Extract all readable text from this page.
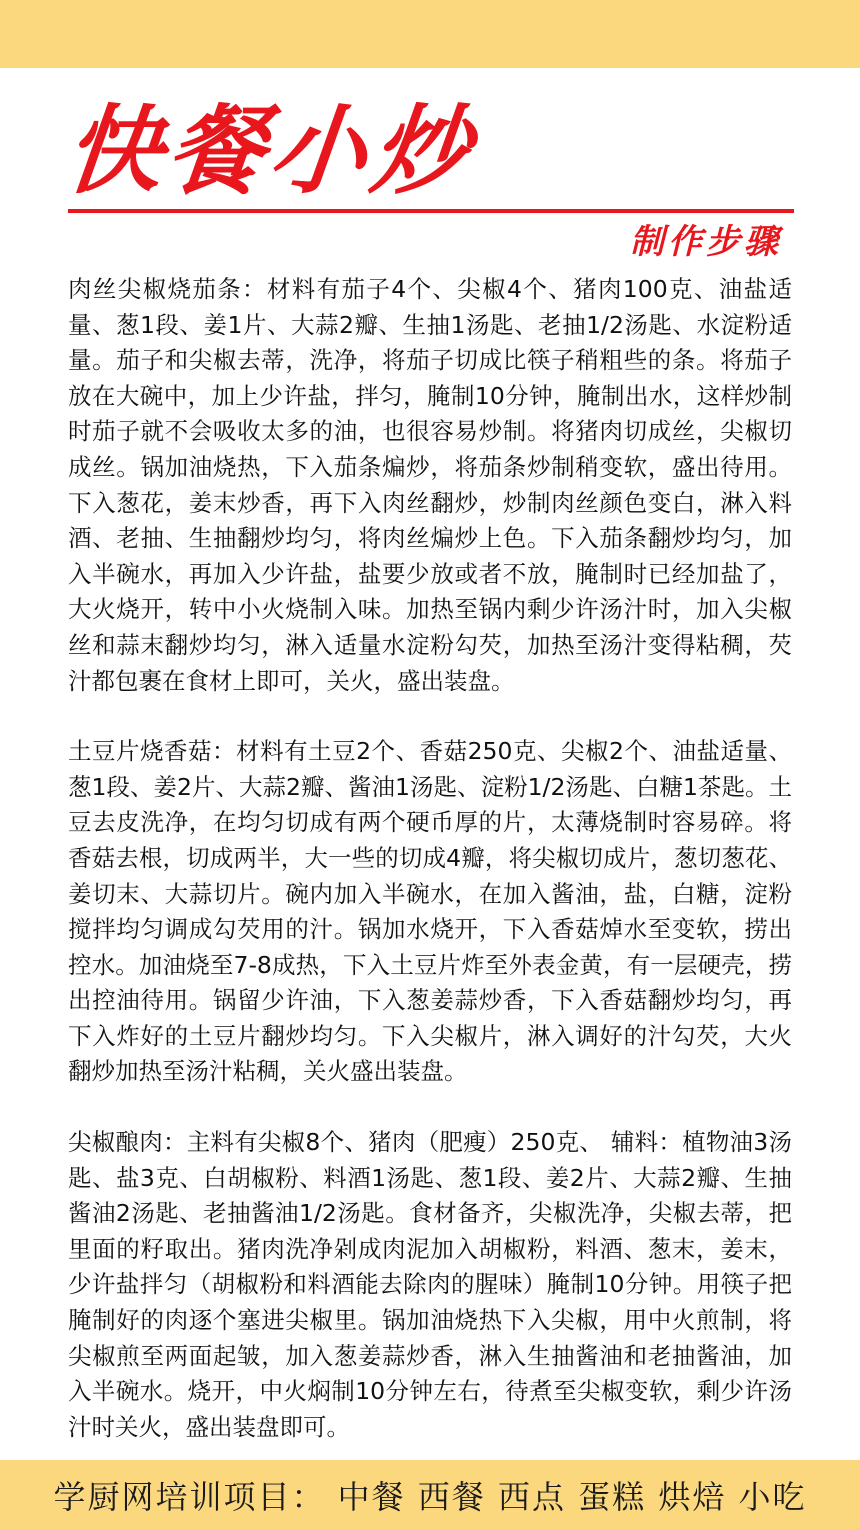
快餐小炒
制作步骤

肉丝尖椒烧茄条：材料有茄子4个、尖椒4个、猪肉100克、油盐适量、葱1段、姜1片、大蒜2瓣、生抽1汤匙、老抽1/2汤匙、水淀粉适量。茄子和尖椒去蒂，洗净，将茄子切成比筷子稍粗些的条。将茄子放在大碗中，加上少许盐，拌匀，腌制10分钟，腌制出水，这样炒制时茄子就不会吸收太多的油，也很容易炒制。将猪肉切成丝，尖椒切成丝。锅加油烧热，下入茄条煸炒，将茄条炒制稍变软，盛出待用。下入葱花，姜末炒香，再下入肉丝翻炒，炒制肉丝颜色变白，淋入料酒、老抽、生抽翻炒均匀，将肉丝煸炒上色。下入茄条翻炒均匀，加入半碗水，再加入少许盐，盐要少放或者不放，腌制时已经加盐了，大火烧开，转中小火烧制入味。加热至锅内剩少许汤汁时，加入尖椒丝和蒜末翻炒均匀，淋入适量水淀粉勾芡，加热至汤汁变得粘稠，芡汁都包裹在食材上即可，关火，盛出装盘。

土豆片烧香菇：材料有土豆2个、香菇250克、尖椒2个、油盐适量、葱1段、姜2片、大蒜2瓣、酱油1汤匙、淀粉1/2汤匙、白糖1茶匙。土豆去皮洗净，在均匀切成有两个硬币厚的片，太薄烧制时容易碎。将香菇去根，切成两半，大一些的切成4瓣，将尖椒切成片，葱切葱花、姜切末、大蒜切片。碗内加入半碗水，在加入酱油，盐，白糖，淀粉搅拌均匀调成勾芡用的汁。锅加水烧开，下入香菇焯水至变软，捞出控水。加油烧至7-8成热，下入土豆片炸至外表金黄，有一层硬壳，捞出控油待用。锅留少许油，下入葱姜蒜炒香，下入香菇翻炒均匀，再下入炸好的土豆片翻炒均匀。下入尖椒片，淋入调好的汁勾芡，大火翻炒加热至汤汁粘稠，关火盛出装盘。

尖椒酿肉：主料有尖椒8个、猪肉（肥瘦）250克、 辅料：植物油3汤匙、盐3克、白胡椒粉、料酒1汤匙、葱1段、姜2片、大蒜2瓣、生抽酱油2汤匙、老抽酱油1/2汤匙。食材备齐，尖椒洗净，尖椒去蒂，把里面的籽取出。猪肉洗净剁成肉泥加入胡椒粉，料酒、葱末，姜末，少许盐拌匀（胡椒粉和料酒能去除肉的腥味）腌制10分钟。用筷子把腌制好的肉逐个塞进尖椒里。锅加油烧热下入尖椒，用中火煎制，将尖椒煎至两面起皱，加入葱姜蒜炒香，淋入生抽酱油和老抽酱油，加入半碗水。烧开，中火焖制10分钟左右，待煮至尖椒变软，剩少许汤汁时关火，盛出装盘即可。

学厨网培训项目： 中餐 西餐 西点 蛋糕 烘焙 小吃
